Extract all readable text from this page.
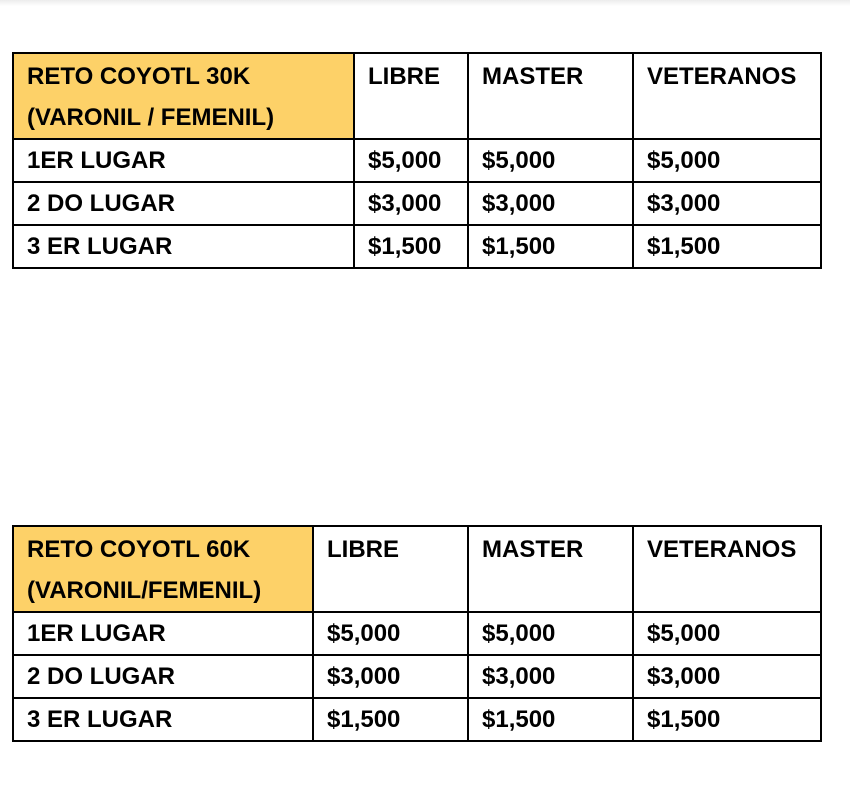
RETO COYOTL 30K
(VARONIL / FEMENIL)	LIBRE	MASTER	VETERANOS
1ER LUGAR	$5,000	$5,000	$5,000
2 DO LUGAR	$3,000	$3,000	$3,000
3 ER LUGAR	$1,500	$1,500	$1,500
RETO COYOTL 60K
(VARONIL/FEMENIL)	LIBRE	MASTER	VETERANOS
1ER LUGAR	$5,000	$5,000	$5,000
2 DO LUGAR	$3,000	$3,000	$3,000
3 ER LUGAR	$1,500	$1,500	$1,500
